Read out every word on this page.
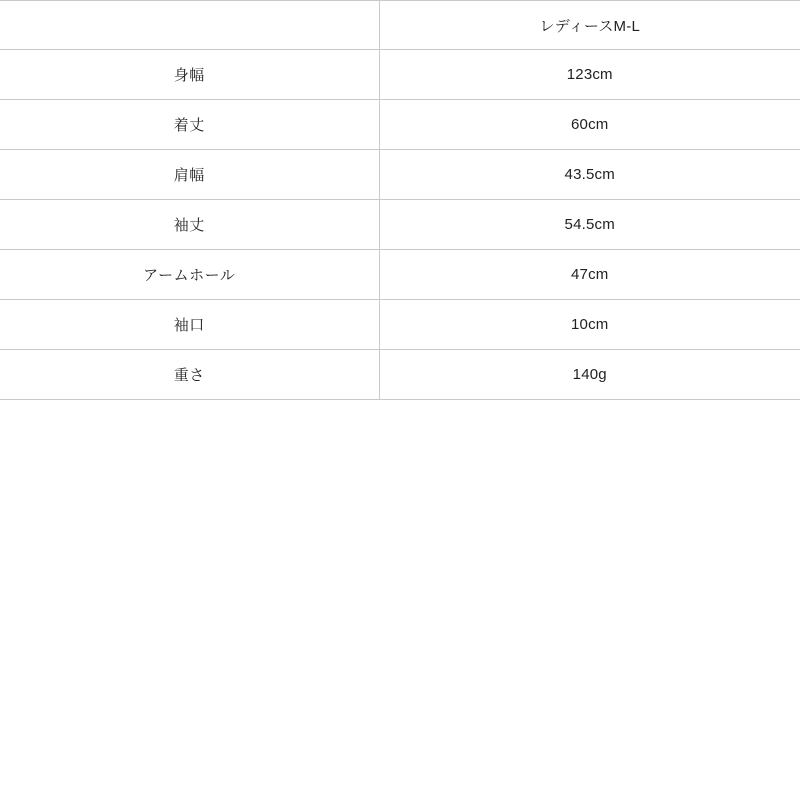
	レディースM-L
身幅	123cm
着丈	60cm
肩幅	43.5cm
袖丈	54.5cm
アームホール	47cm
袖口	10cm
重さ	140g
